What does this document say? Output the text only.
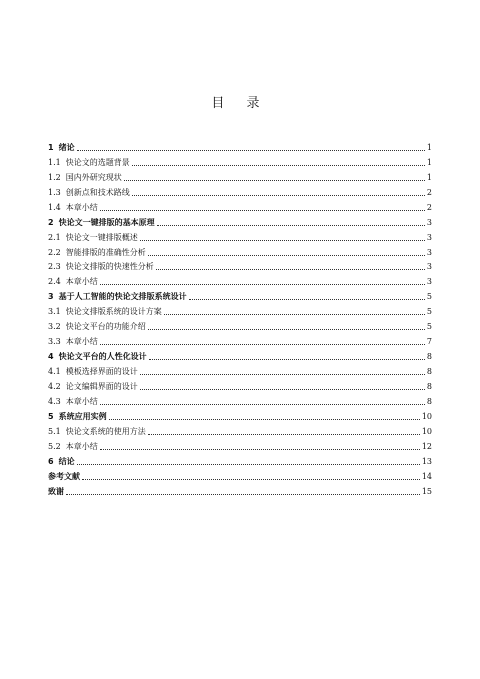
目 录
1 绪论	1
1.1 快论文的选题背景	1
1.2 国内外研究现状	1
1.3 创新点和技术路线	2
1.4 本章小结	2
2 快论文一键排版的基本原理	3
2.1 快论文一键排版概述	3
2.2 智能排版的准确性分析	3
2.3 快论文排版的快速性分析	3
2.4 本章小结	3
3 基于人工智能的快论文排版系统设计	5
3.1 快论文排版系统的设计方案	5
3.2 快论文平台的功能介绍	5
3.3 本章小结	7
4 快论文平台的人性化设计	8
4.1 模板选择界面的设计	8
4.2 论文编辑界面的设计	8
4.3 本章小结	8
5 系统应用实例	10
5.1 快论文系统的使用方法	10
5.2 本章小结	12
6 结论	13
参考文献	14
致谢	15
